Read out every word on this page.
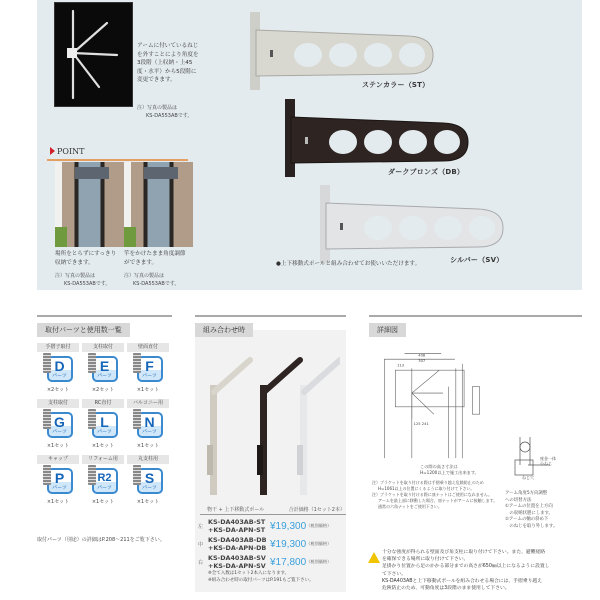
アームに付いているねじ
を外すことにより角度を
3段階（上収納・上45
度・水平）から5段階に
変更できます。
注）写真の製品は
KS-DA553ABです。
ステンカラー（ST）
ダークブロンズ（DB）
シルバー（SV）
●上下移動式ポールと組み合わせてお使いいただけます。
POINT
場所をとらずにすっきり
収納できます。
注）写真の製品は
KS-DA553ABです。
竿をかけたまま角度調節
ができます。
注）写真の製品は
KS-DA553ABです。
取付パーツと使用数一覧
手摺子取付
D
パーツ
×2セット
支柱取付
E
パーツ
×2セット
壁面直付
F
パーツ
×1セット
支柱取付
G
パーツ
×1セット
RC直付
L
パーツ
×1セット
バルコニー用
N
パーツ
×1セット
キャップ
P
パーツ
×1セット
リフォーム用
R2
パーツ
×1セット
丸支柱用
S
パーツ
×1セット
取付パーツ（別途）の詳細はP.208～211をご覧下さい。
組み合わせ時
物干 + 上下移動式ポール	合計価格（1セット2本）
左
KS-DA403AB-ST
+KS-DA-APN-ST ¥19,300 （税別価格）
中
KS-DA403AB-DB
+KS-DA-APN-DB ¥19,300 （税別価格）
右
KS-DA403AB-SV
+KS-DA-APN-SV ¥17,800 （税別価格）
※全て入数は1セット2本入になります。
※組み合わせ時の取付パーツはP.191もご覧下さい。
詳細図
408
307
113
125 241
この間の高さ寸法は
H=1200以上で施工出来ます。
注）ブラケットを取り付ける際は手摺乗り越え危険防止のため
H=1061以上の位置にくるように取り付けて下さい。
注）ブラケットを取り付ける際に皿ナットはご使用になれません。
アームを最上部に移動した場合、皿ナットがアームに接触します。
通常の六角ナットをご使用下さい。
座金一体
小ねじ
ねじ穴
アーム角度5方向調整
への切替方法
①アームの位置を上方向
　の収納状態にします。
②アームの軸の斜め下
　のねじを取り外します。
十分な強度が得られる壁面及び角支柱に取り付けて下さい。また、避難経路
を確保できる場所に取り付けて下さい。
足掛かり位置から足のかかる部分までの高さが650㎜以上になるように設置し
て下さい。
KS-DA403ABと上下移動式ポールを組み合わせる場合には、手摺乗り越え
危険防止のため、可動角度は3段階のまま使用して下さい。
